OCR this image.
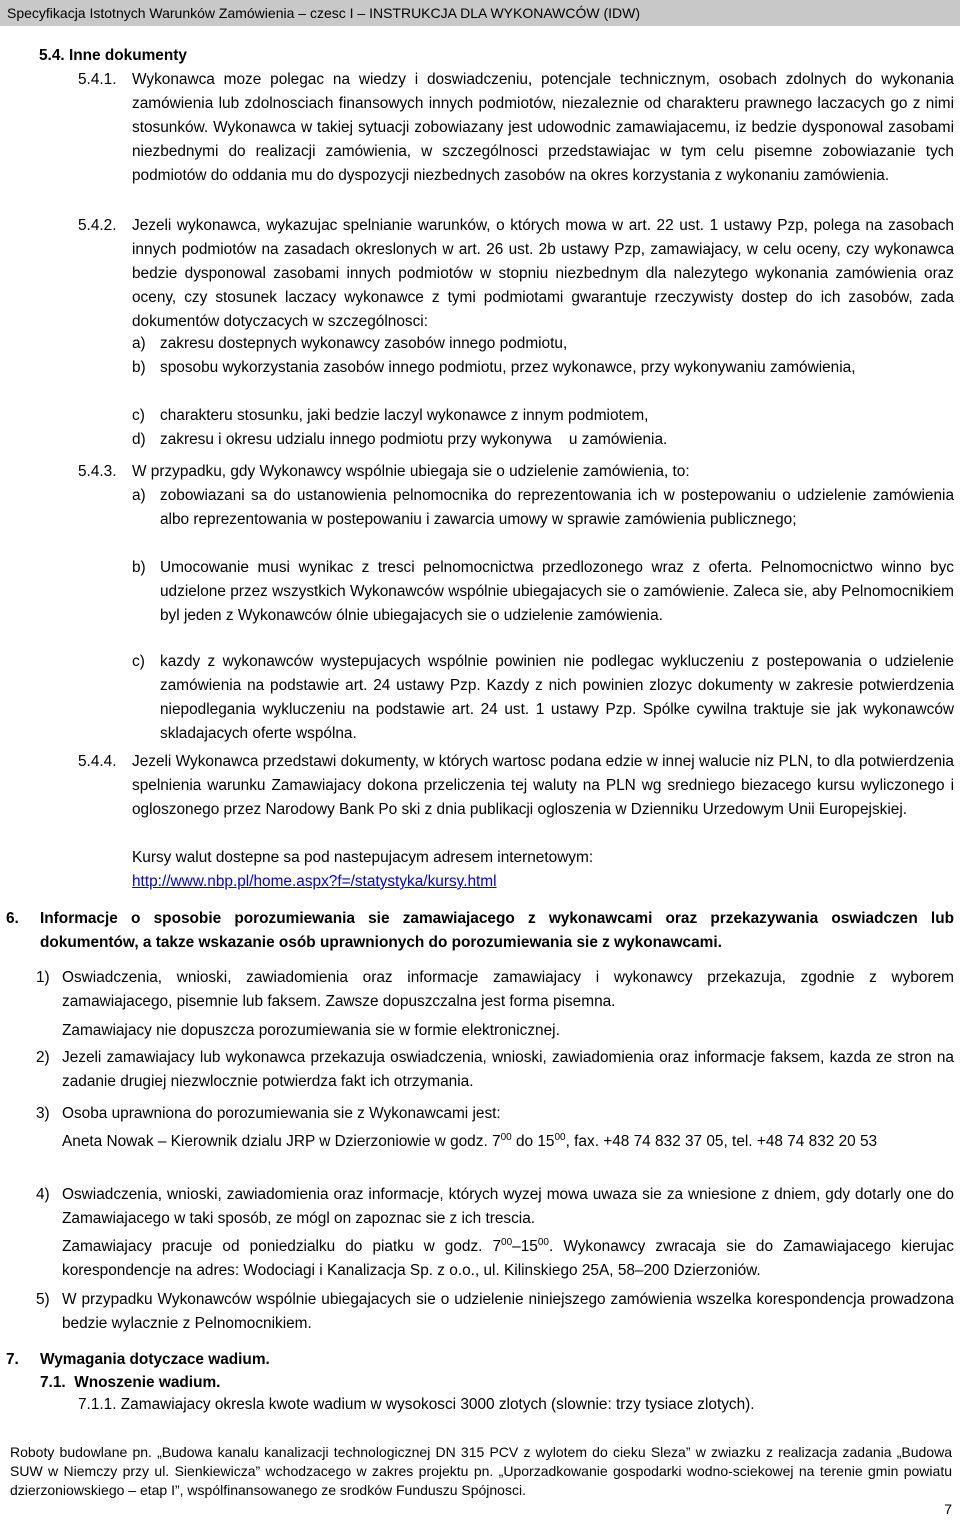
Specyfikacja Istotnych Warunków Zamówienia – czesc I – INSTRUKCJA DLA WYKONAWCÓW (IDW)
5.4. Inne dokumenty
5.4.1. Wykonawca moze polegac na wiedzy i doswiadczeniu, potencjale technicznym, osobach zdolnych do wykonania zamówienia lub zdolnosciach finansowych innych podmiotów, niezaleznie od charakteru prawnego laczacych go z nimi stosunków. Wykonawca w takiej sytuacji zobowiazany jest udowodnic zamawiajacemu, iz bedzie dysponowal zasobami niezbednymi do realizacji zamówienia, w szczególnosci przedstawiajac w tym celu pisemne zobowiazanie tych podmiotów do oddania mu do dyspozycji niezbednych zasobów na okres korzystania z wykonaniu zamówienia.
5.4.2. Jezeli wykonawca, wykazujac spelnianie warunków, o których mowa w art. 22 ust. 1 ustawy Pzp, polega na zasobach innych podmiotów na zasadach okreslonych w art. 26 ust. 2b ustawy Pzp, zamawiajacy, w celu oceny, czy wykonawca bedzie dysponowal zasobami innych podmiotów w stopniu niezbednym dla nalezytego wykonania zamówienia oraz oceny, czy stosunek laczacy wykonawce z tymi podmiotami gwarantuje rzeczywisty dostep do ich zasobów, zada dokumentów dotyczacych w szczególnosci:
a) zakresu dostepnych wykonawcy zasobów innego podmiotu,
b) sposobu wykorzystania zasobów innego podmiotu, przez wykonawce, przy wykonywaniu zamówienia,
c) charakteru stosunku, jaki bedzie laczyl wykonawce z innym podmiotem,
d) zakresu i okresu udzialu innego podmiotu przy wykonywa    u zamówienia.
5.4.3. W przypadku, gdy Wykonawcy wspólnie ubiegaja sie o udzielenie zamówienia, to:
a) zobowiazani sa do ustanowienia pelnomocnika do reprezentowania ich w postepowaniu o udzielenie zamówienia albo reprezentowania w postepowaniu i zawarcia umowy w sprawie zamówienia publicznego;
b) Umocowanie musi wynikac z tresci pelnomocnictwa przedlozonego wraz z oferta. Pelnomocnictwo winno byc udzielone przez wszystkich Wykonawców wspólnie ubiegajacych sie o zamówienie. Zaleca sie, aby Pelnomocnikiem byl jeden z Wykonawców ólnie ubiegajacych sie o udzielenie zamówienia.
c) kazdy z wykonawców wystepujacych wspólnie powinien nie podlegac wykluczeniu z postepowania o udzielenie zamówienia na podstawie art. 24 ustawy Pzp. Kazdy z nich powinien zlozyc dokumenty w zakresie potwierdzenia niepodlegania wykluczeniu na podstawie art. 24 ust. 1 ustawy Pzp. Spólke cywilna traktuje sie jak wykonawców skladajacych oferte wspólna.
5.4.4. Jezeli Wykonawca przedstawi dokumenty, w których wartosc podana edzie w innej walucie niz PLN, to dla potwierdzenia spelnienia warunku Zamawiajacy dokona przeliczenia tej waluty na PLN wg sredniego biezacego kursu wyliczonego i ogloszonego przez Narodowy Bank Po ski z dnia publikacji ogloszenia w Dzienniku Urzedowym Unii Europejskiej.
Kursy walut dostepne sa pod nastepujacym adresem internetowym:
http://www.nbp.pl/home.aspx?f=/statystyka/kursy.html
6. Informacje o sposobie porozumiewania sie zamawiajacego z wykonawcami oraz przekazywania oswiadczen lub dokumentów, a takze wskazanie osób uprawnionych do porozumiewania sie z wykonawcami.
1) Oswiadczenia, wnioski, zawiadomienia oraz informacje zamawiajacy i wykonawcy przekazuja, zgodnie z wyborem zamawiajacego, pisemnie lub faksem. Zawsze dopuszczalna jest forma pisemna.
Zamawiajacy nie dopuszcza porozumiewania sie w formie elektronicznej.
2) Jezeli zamawiajacy lub wykonawca przekazuja oswiadczenia, wnioski, zawiadomienia oraz informacje faksem, kazda ze stron na zadanie drugiej niezwlocznie potwierdza fakt ich otrzymania.
3) Osoba uprawniona do porozumiewania sie z Wykonawcami jest:
Aneta Nowak – Kierownik dzialu JRP w Dzierzoniowie w godz. $7^{00}$ do $15^{00}$, fax. +48 74 832 37 05, tel. +48 74 832 20 53
4) Oswiadczenia, wnioski, zawiadomienia oraz informacje, których wyzej mowa uwaza sie za wniesione z dniem, gdy dotarly one do Zamawiajacego w taki sposób, ze mógl on zapoznac sie z ich trescia.
Zamawiajacy pracuje od poniedzialku do piatku w godz. $7^{00}-15^{00}$. Wykonawcy zwracaja sie do Zamawiajacego kierujac korespondencje na adres: Wodociagi i Kanalizacja Sp. z o.o., ul. Kilinskiego 25A, 58–200 Dzierzoniów.
5) W przypadku Wykonawców wspólnie ubiegajacych sie o udzielenie niniejszego zamówienia wszelka korespondencja prowadzona bedzie wylacznie z Pelnomocnikiem.
7. Wymagania dotyczace wadium.
7.1.  Wnoszenie wadium.
7.1.1. Zamawiajacy okresla kwote wadium w wysokosci 3000 zlotych (slownie: trzy tysiace zlotych).
Roboty budowlane pn. „Budowa kanalu kanalizacji technologicznej DN 315 PCV z wylotem do cieku Sleza” w zwiazku z realizacja zadania „Budowa SUW w Niemczy przy ul. Sienkiewicza” wchodzacego w zakres projektu pn. „Uporzadkowanie gospodarki wodno-sciekowej na terenie gmin powiatu dzierzoniowskiego – etap I”, wspólfinansowanego ze srodków Funduszu Spójnosci.
7
